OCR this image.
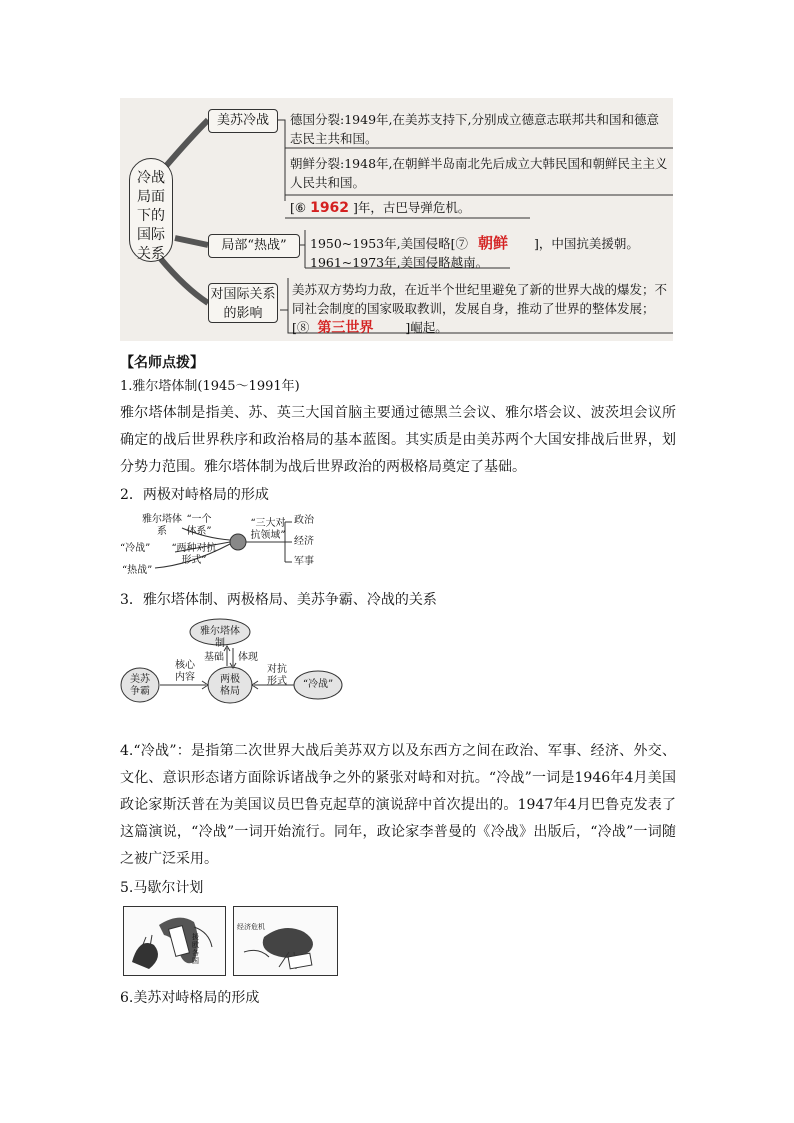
冷战局面下的国际关系
美苏冷战	德国分裂:1949年,在美苏支持下,分别成立德意志联邦共和国和德意志民主共和国。
朝鲜分裂:1948年,在朝鲜半岛南北先后成立大韩民国和朝鲜民主主义人民共和国。
[⑥ 1962 ]年，古巴导弹危机。
局部“热战”	1950~1953年,美国侵略[⑦ 朝鲜 ]，中国抗美援朝。
1961~1973年,美国侵略越南。
对国际关系的影响
美苏双方势均力敌，在近半个世纪里避免了新的世界大战的爆发；不同社会制度的国家吸取教训，发展自身，推动了世界的整体发展；[⑧ 第三世界	]崛起。
【名师点拨】
1.雅尔塔体制(1945～1991年)
雅尔塔体制是指美、苏、英三大国首脑主要通过德黑兰会议、雅尔塔会议、波茨坦会议所确定的战后世界秩序和政治格局的基本蓝图。其实质是由美苏两个大国安排战后世界，划分势力范围。雅尔塔体制为战后世界政治的两极格局奠定了基础。
2．两极对峙格局的形成
雅尔塔体系
“一个体系”
“冷战”	“两种对抗形式”
“热战”
“三大对抗领域”
政治
经济
军事
3．雅尔塔体制、两极格局、美苏争霸、冷战的关系
雅尔塔体制
两极格局
美苏争霸
“冷战”
基础 体现
核心内容
对抗形式
4.“冷战”：是指第二次世界大战后美苏双方以及东西方之间在政治、军事、经济、外交、文化、意识形态诸方面除诉诸战争之外的紧张对峙和对抗。“冷战”一词是1946年4月美国政论家斯沃普在为美国议员巴鲁克起草的演说辞中首次提出的。1947年4月巴鲁克发表了这篇演说，“冷战”一词开始流行。同年，政论家李普曼的《冷战》出版后，“冷战”一词随之被广泛采用。
5.马歇尔计划
援欧各国
经济危机
6.美苏对峙格局的形成
